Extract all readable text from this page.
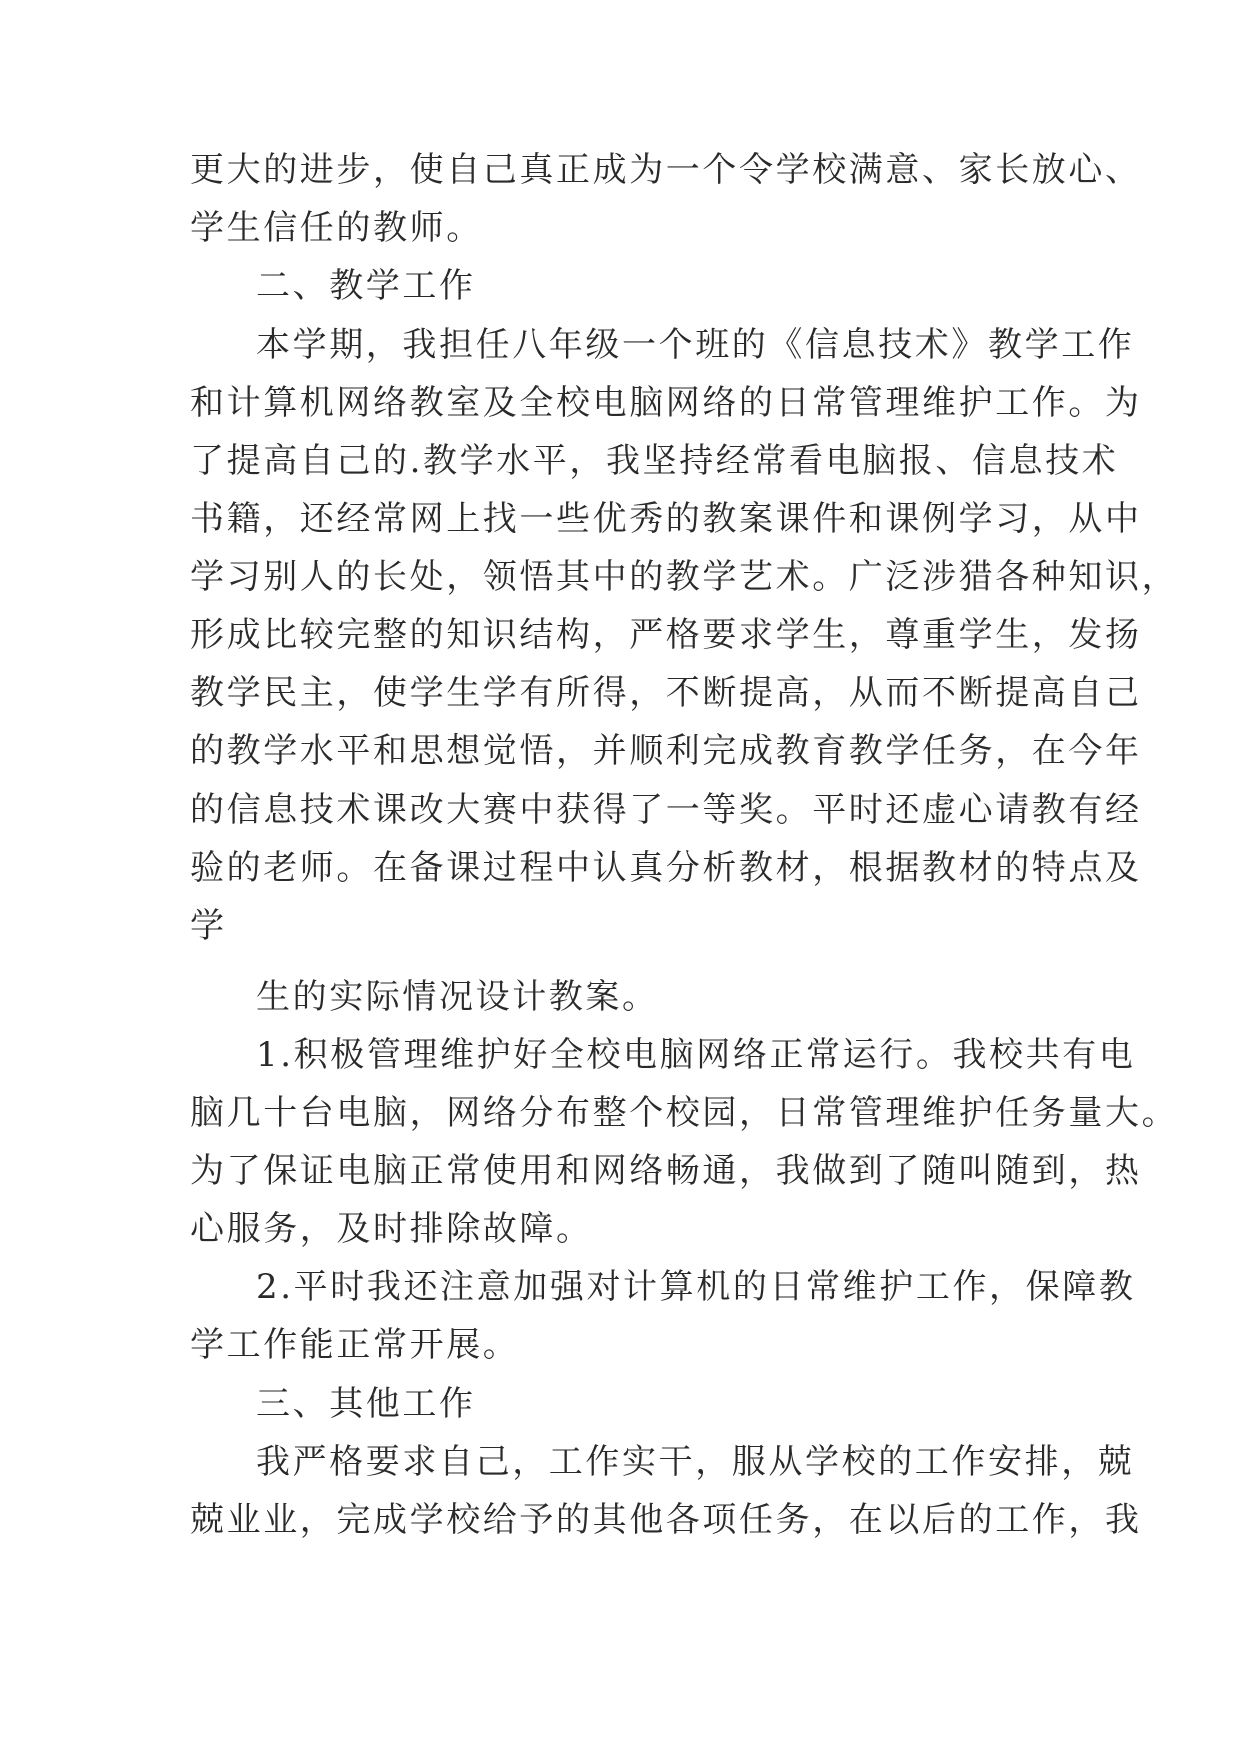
更大的进步，使自己真正成为一个令学校满意、家长放心、
学生信任的教师。
二、教学工作
本学期，我担任八年级一个班的《信息技术》教学工作
和计算机网络教室及全校电脑网络的日常管理维护工作。为
了提高自己的.教学水平，我坚持经常看电脑报、信息技术
书籍，还经常网上找一些优秀的教案课件和课例学习，从中
学习别人的长处，领悟其中的教学艺术。广泛涉猎各种知识，
形成比较完整的知识结构，严格要求学生，尊重学生，发扬
教学民主，使学生学有所得，不断提高，从而不断提高自己
的教学水平和思想觉悟，并顺利完成教育教学任务，在今年
的信息技术课改大赛中获得了一等奖。平时还虚心请教有经
验的老师。在备课过程中认真分析教材，根据教材的特点及
学
生的实际情况设计教案。
1.积极管理维护好全校电脑网络正常运行。我校共有电
脑几十台电脑，网络分布整个校园，日常管理维护任务量大。
为了保证电脑正常使用和网络畅通，我做到了随叫随到，热
心服务，及时排除故障。
2.平时我还注意加强对计算机的日常维护工作，保障教
学工作能正常开展。
三、其他工作
我严格要求自己，工作实干，服从学校的工作安排，兢
兢业业，完成学校给予的其他各项任务，在以后的工作，我
